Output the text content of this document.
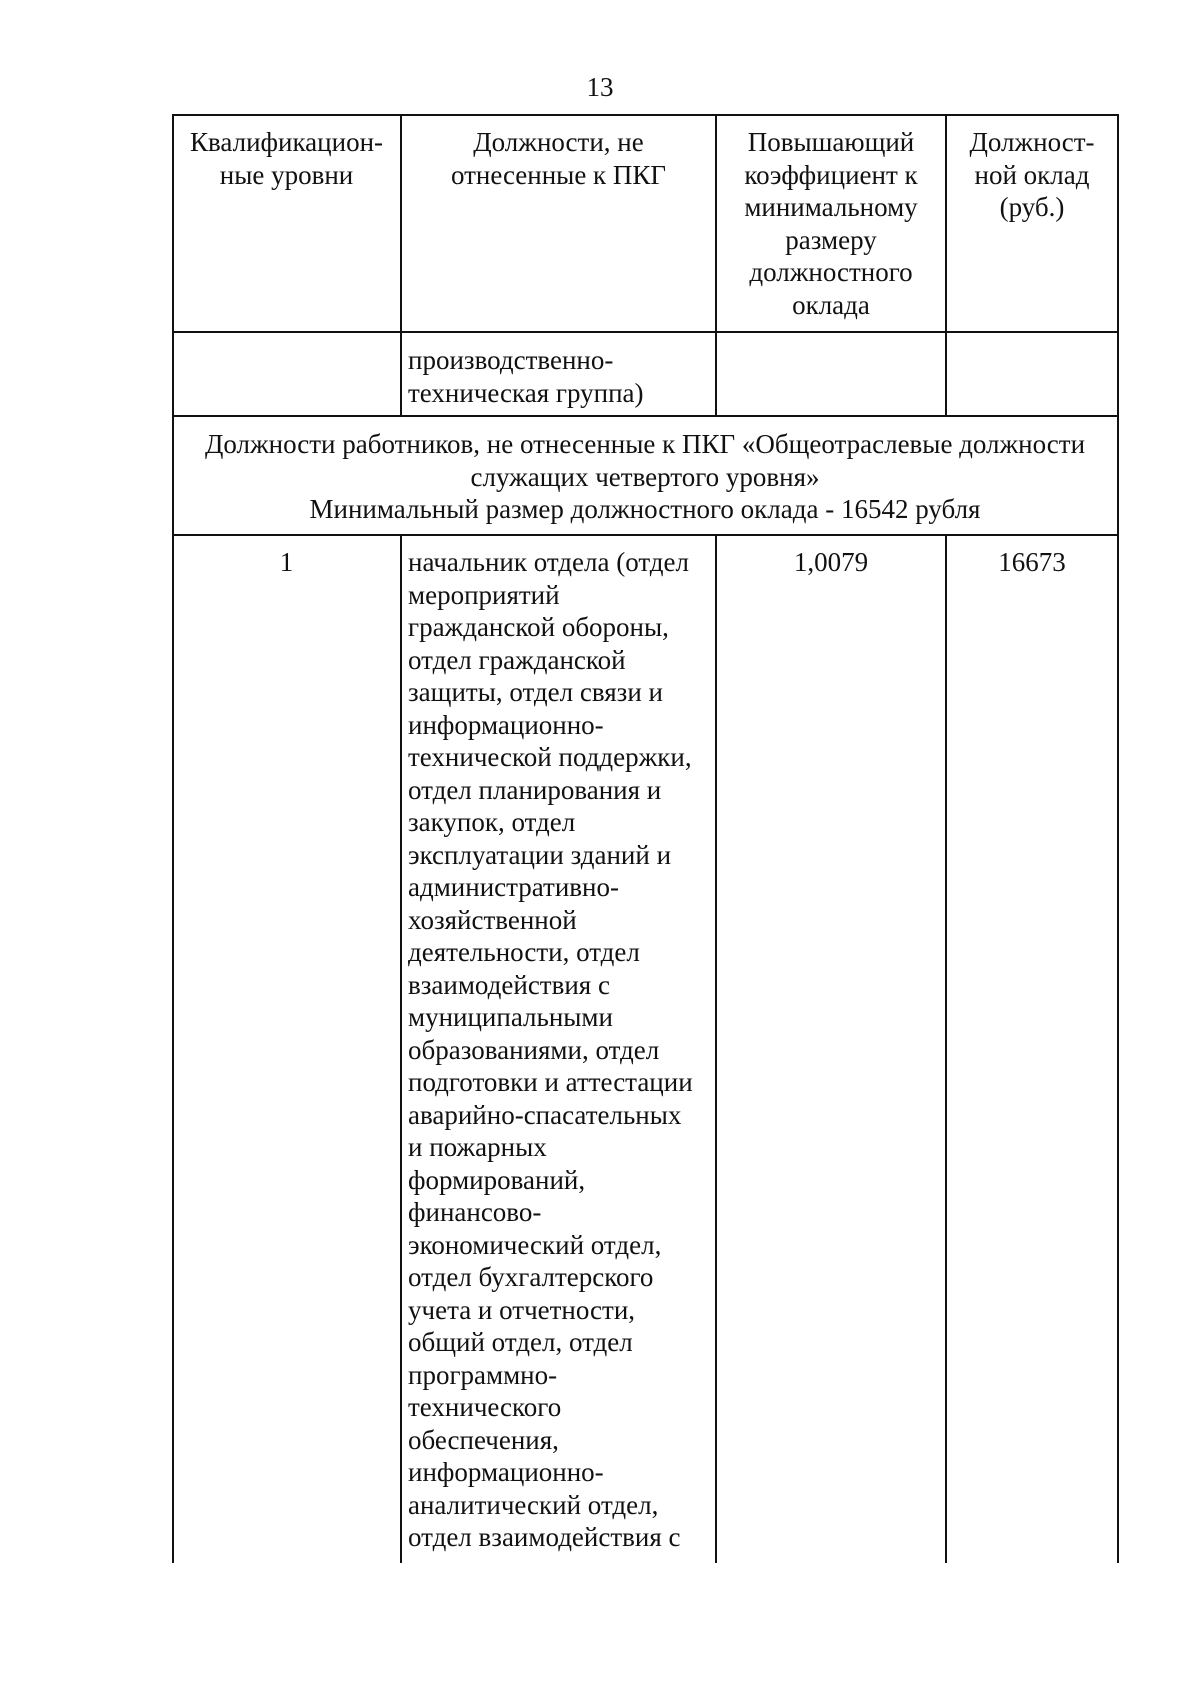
13
Квалификацион-
ные уровни
Должности, не
отнесенные к ПКГ
Повышающий
коэффициент к
минимальному
размеру
должностного
оклада
Должност-
ной оклад
(руб.)
производственно-
техническая группа)
Должности работников, не отнесенные к ПКГ «Общеотраслевые должности
служащих четвертого уровня»
Минимальный размер должностного оклада - 16542 рубля
1	начальник отдела (отдел
мероприятий
гражданской обороны,
отдел гражданской
защиты, отдел связи и
информационно-
технической поддержки,
отдел планирования и
закупок, отдел
эксплуатации зданий и
административно-
хозяйственной
деятельности, отдел
взаимодействия с
муниципальными
образованиями, отдел
подготовки и аттестации
аварийно-спасательных
и пожарных
формирований,
финансово-
экономический отдел,
отдел бухгалтерского
учета и отчетности,
общий отдел, отдел
программно-
технического
обеспечения,
информационно-
аналитический отдел,
отдел взаимодействия с
1,0079	16673
